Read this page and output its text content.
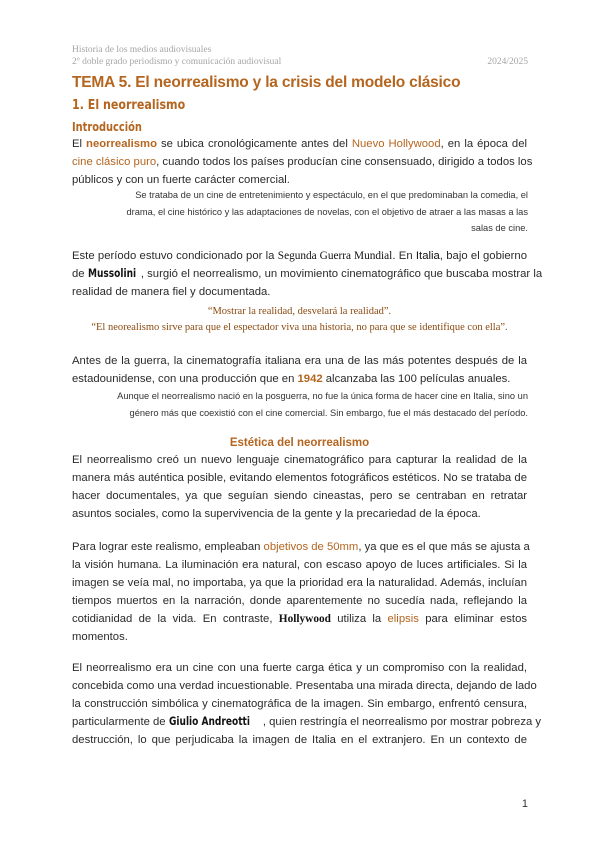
Historia de los medios audiovisuales
2º doble grado periodismo y comunicación audiovisual	2024/2025
TEMA 5. El neorrealismo y la crisis del modelo clásico
1. El neorrealismo
Introducción
El neorrealismo se ubica cronológicamente antes del Nuevo Hollywood, en la época del
cine clásico puro, cuando todos los países producían cine consensuado, dirigido a todos los
públicos y con un fuerte carácter comercial.
Se trataba de un cine de entretenimiento y espectáculo, en el que predominaban la comedia, el
drama, el cine histórico y las adaptaciones de novelas, con el objetivo de atraer a las masas a las
salas de cine.
Este período estuvo condicionado por la Segunda Guerra Mundial. En Italia, bajo el gobierno
de Mussolini , surgió el neorrealismo, un movimiento cinematográfico que buscaba mostrar la
realidad de manera fiel y documentada.
“Mostrar la realidad, desvelará la realidad”.
“El neorealismo sirve para que el espectador viva una historia, no para que se identifique con ella”.
Antes de la guerra, la cinematografía italiana era una de las más potentes después de la
estadounidense, con una producción que en 1942 alcanzaba las 100 películas anuales.
Aunque el neorrealismo nació en la posguerra, no fue la única forma de hacer cine en Italia, sino un
género más que coexistió con el cine comercial. Sin embargo, fue el más destacado del período.
Estética del neorrealismo
El neorrealismo creó un nuevo lenguaje cinematográfico para capturar la realidad de la
manera más auténtica posible, evitando elementos fotográficos estéticos. No se trataba de
hacer documentales, ya que seguían siendo cineastas, pero se centraban en retratar
asuntos sociales, como la supervivencia de la gente y la precariedad de la época.
Para lograr este realismo, empleaban objetivos de 50mm, ya que es el que más se ajusta a
la visión humana. La iluminación era natural, con escaso apoyo de luces artificiales. Si la
imagen se veía mal, no importaba, ya que la prioridad era la naturalidad. Además, incluían
tiempos muertos en la narración, donde aparentemente no sucedía nada, reflejando la
cotidianidad de la vida. En contraste, Hollywood utiliza la elipsis para eliminar estos
momentos.
El neorrealismo era un cine con una fuerte carga ética y un compromiso con la realidad,
concebida como una verdad incuestionable. Presentaba una mirada directa, dejando de lado
la construcción simbólica y cinematográfica de la imagen. Sin embargo, enfrentó censura,
particularmente de Giulio Andreotti , quien restringía el neorrealismo por mostrar pobreza y
destrucción, lo que perjudicaba la imagen de Italia en el extranjero. En un contexto de
1
